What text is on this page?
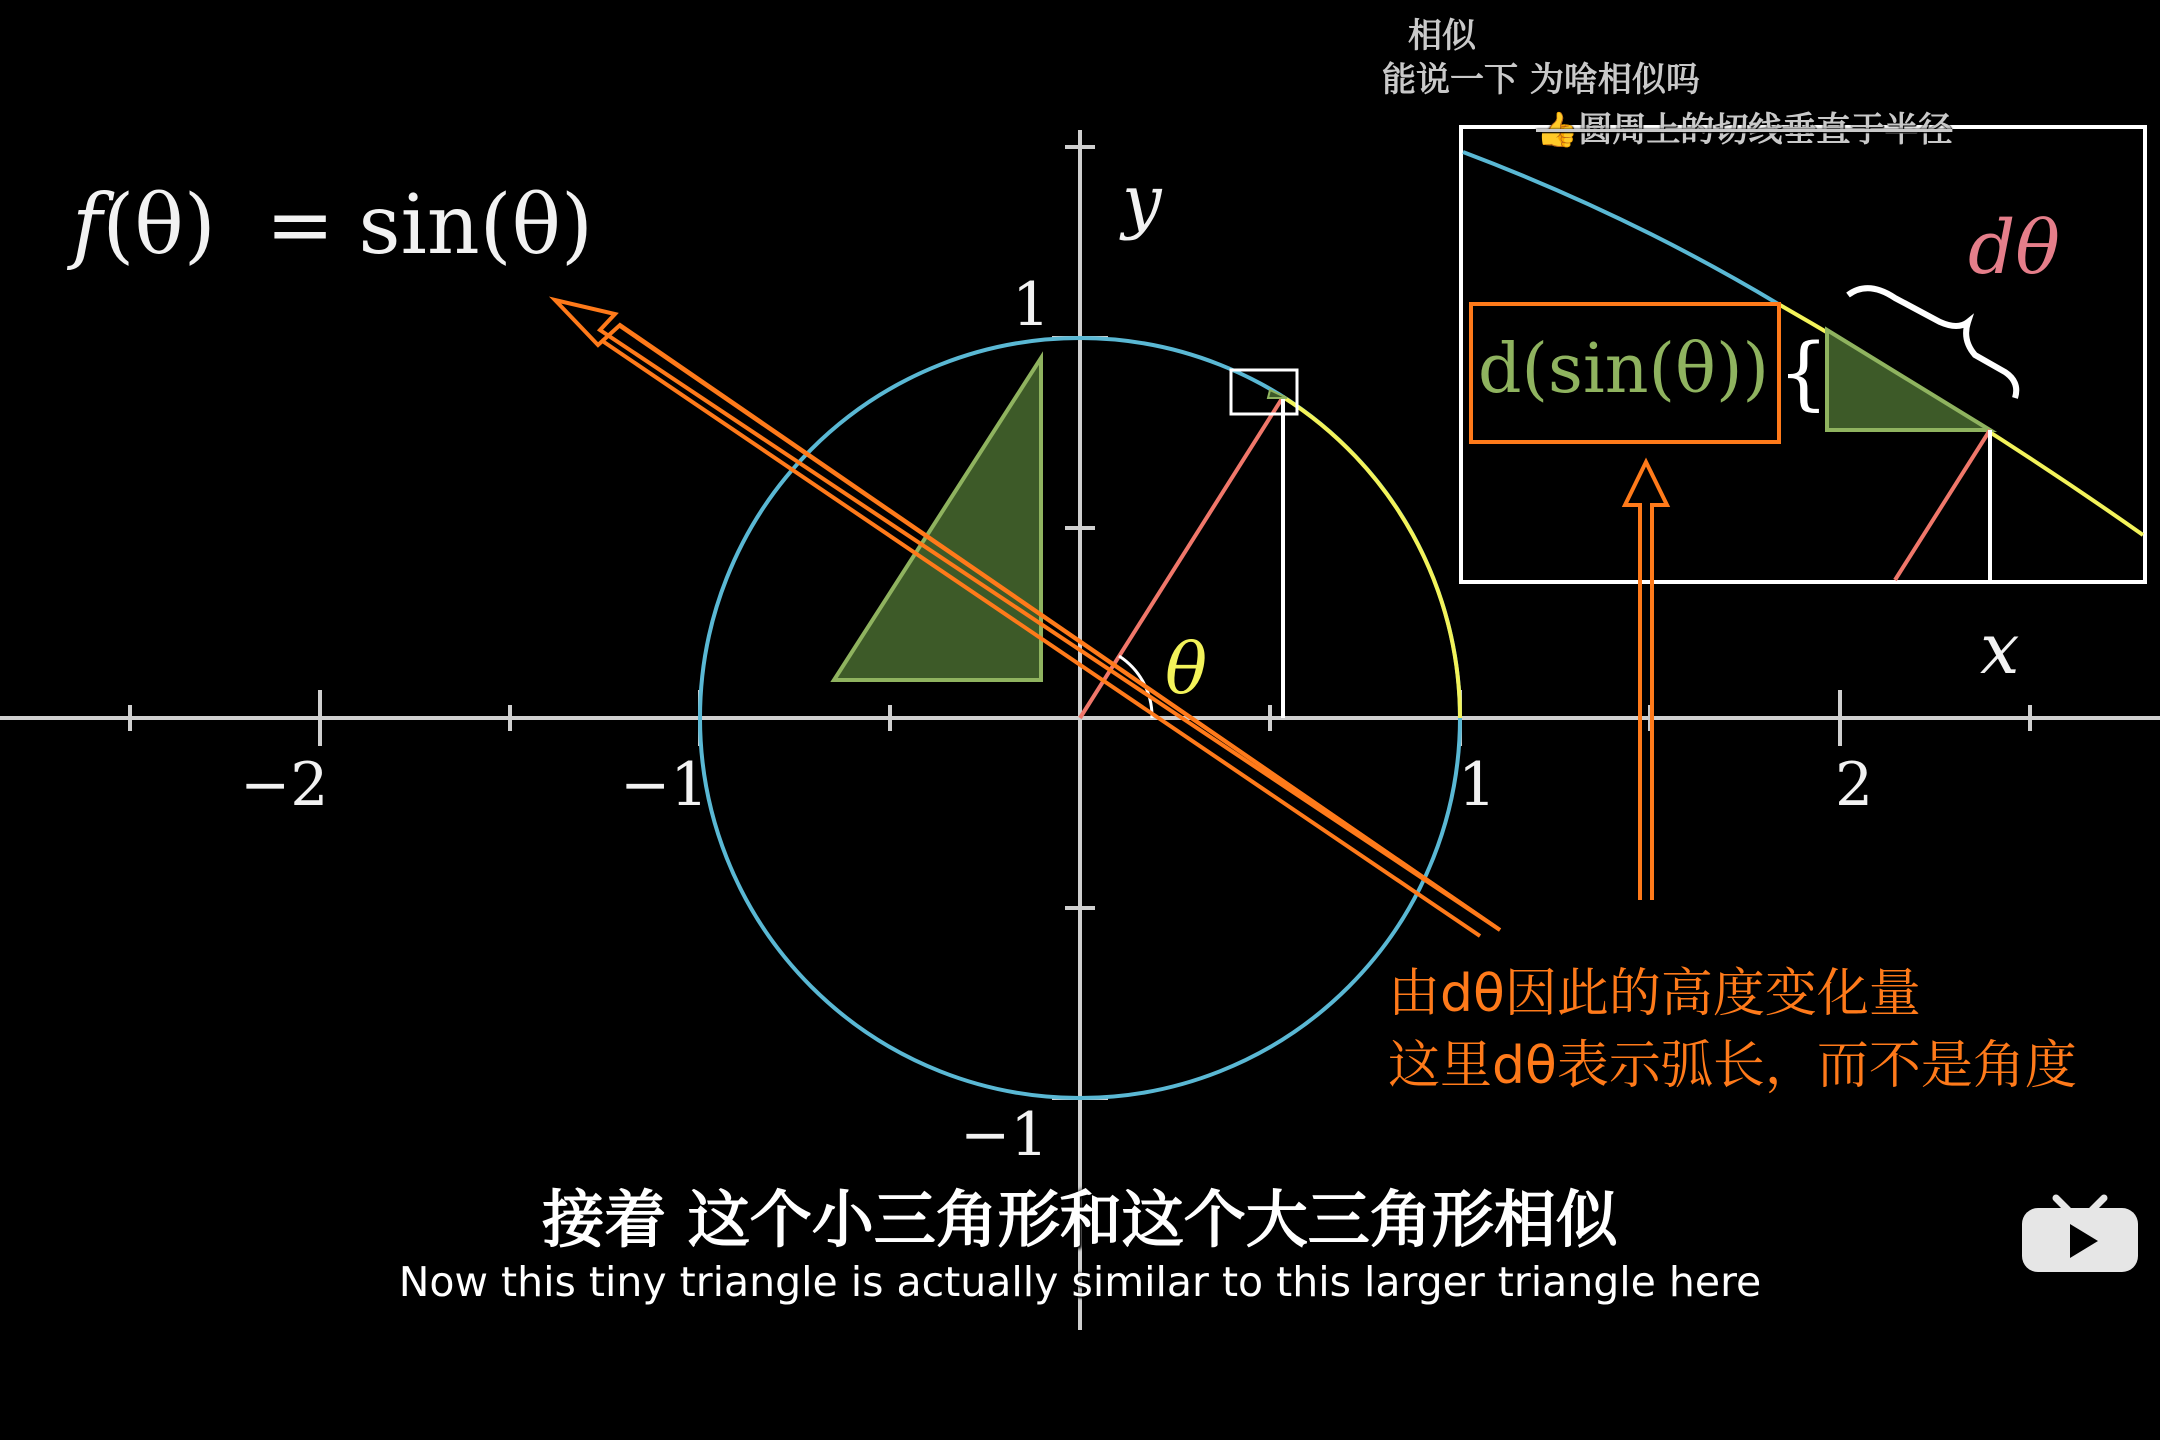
f(θ) = sin(θ)	y
x
−2	−1	1	2
1
−1
θ
dθ
d(sin(θ)) {
相似
能说一下 为啥相似吗
👍圆周上的切线垂直于半径
由dθ因此的高度变化量
这里dθ表示弧长，而不是角度
接着 这个小三角形和这个大三角形相似
Now this tiny triangle is actually similar to this larger triangle here
